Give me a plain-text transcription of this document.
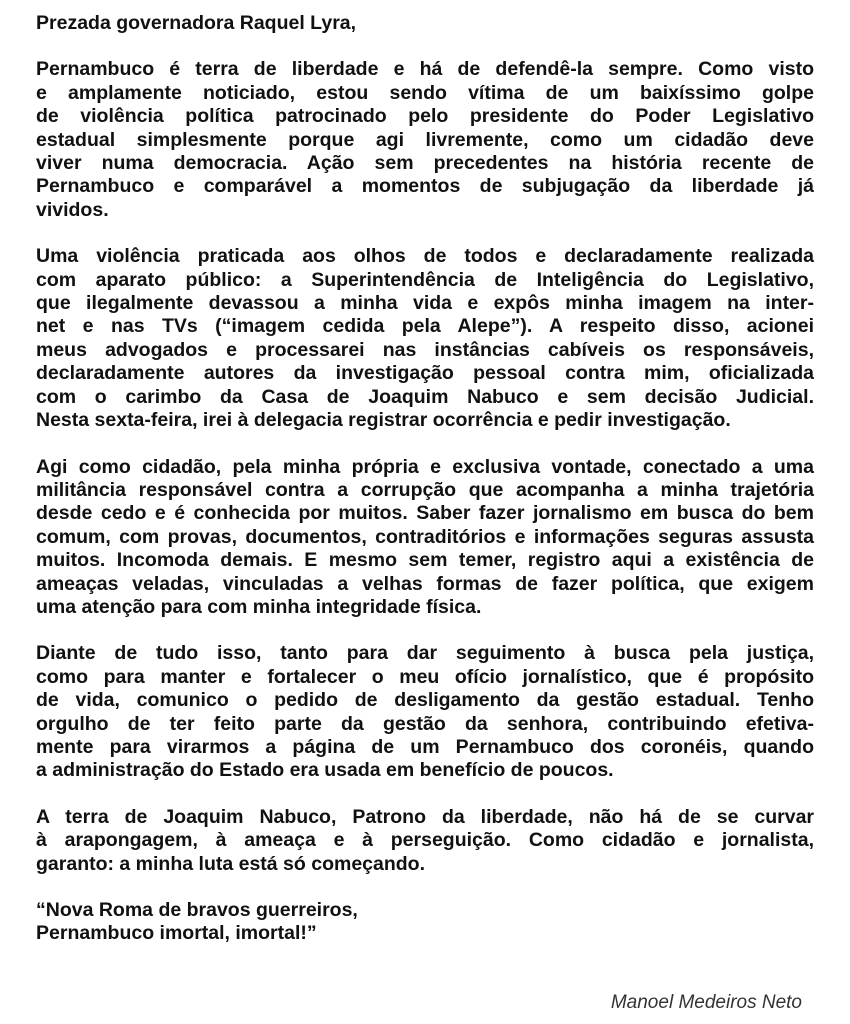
Prezada governadora Raquel Lyra,
Pernambuco é terra de liberdade e há de defendê-la sempre. Como visto
e amplamente noticiado, estou sendo vítima de um baixíssimo golpe
de violência política patrocinado pelo presidente do Poder Legislativo
estadual simplesmente porque agi livremente, como um cidadão deve
viver numa democracia. Ação sem precedentes na história recente de
Pernambuco e comparável a momentos de subjugação da liberdade já
vividos.
Uma violência praticada aos olhos de todos e declaradamente realizada
com aparato público: a Superintendência de Inteligência do Legislativo,
que ilegalmente devassou a minha vida e expôs minha imagem na inter-
net e nas TVs (“imagem cedida pela Alepe”). A respeito disso, acionei
meus advogados e processarei nas instâncias cabíveis os responsáveis,
declaradamente autores da investigação pessoal contra mim, oficializada
com o carimbo da Casa de Joaquim Nabuco e sem decisão Judicial.
Nesta sexta-feira, irei à delegacia registrar ocorrência e pedir investigação.
Agi como cidadão, pela minha própria e exclusiva vontade, conectado a uma
militância responsável contra a corrupção que acompanha a minha trajetória
desde cedo e é conhecida por muitos. Saber fazer jornalismo em busca do bem
comum, com provas, documentos, contraditórios e informações seguras assusta
muitos. Incomoda demais. E mesmo sem temer, registro aqui a existência de
ameaças veladas, vinculadas a velhas formas de fazer política, que exigem
uma atenção para com minha integridade física.
Diante de tudo isso, tanto para dar seguimento à busca pela justiça,
como para manter e fortalecer o meu ofício jornalístico, que é propósito
de vida, comunico o pedido de desligamento da gestão estadual. Tenho
orgulho de ter feito parte da gestão da senhora, contribuindo efetiva-
mente para virarmos a página de um Pernambuco dos coronéis, quando
a administração do Estado era usada em benefício de poucos.
A terra de Joaquim Nabuco, Patrono da liberdade, não há de se curvar
à arapongagem, à ameaça e à perseguição. Como cidadão e jornalista,
garanto: a minha luta está só começando.
“Nova Roma de bravos guerreiros,
Pernambuco imortal, imortal!”
Manoel Medeiros Neto
